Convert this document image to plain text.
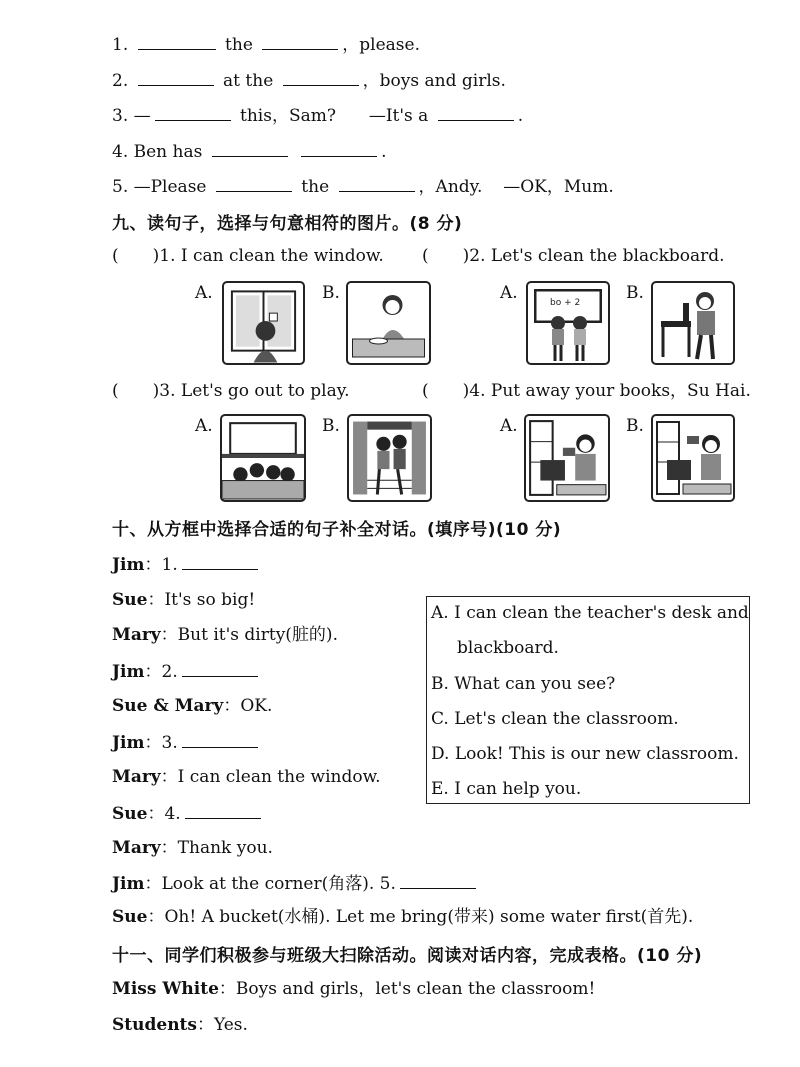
1.	the	，please.
2.	at the	，boys and girls.
3. —	this，Sam? —It's a	.
4. Ben has	.
5. —Please	the	，Andy. —OK，Mum.
九、读句子，选择与句意相符的图片。(8 分)
( )1. I can clean the window. ( )2. Let's clean the blackboard.
A.	B.	A.	bo + 2	B.
( )3. Let's go out to play.	( )4. Put away your books，Su Hai.
A.	B.	A.	B.
十、从方框中选择合适的句子补全对话。(填序号)(10 分)
Jim：1.
Sue：It's so big!
Mary：But it's dirty(脏的).
Jim：2.
Sue & Mary：OK.
Jim：3.
Mary：I can clean the window.
Sue：4.
Mary：Thank you.
Jim：Look at the corner(角落). 5.
Sue：Oh! A bucket(水桶). Let me bring(带来) some water first(首先).
A. I can clean the teacher's desk and
blackboard.
B. What can you see?
C. Let's clean the classroom.
D. Look! This is our new classroom.
E. I can help you.
十一、同学们积极参与班级大扫除活动。阅读对话内容，完成表格。(10 分)
Miss White：Boys and girls，let's clean the classroom!
Students：Yes.
